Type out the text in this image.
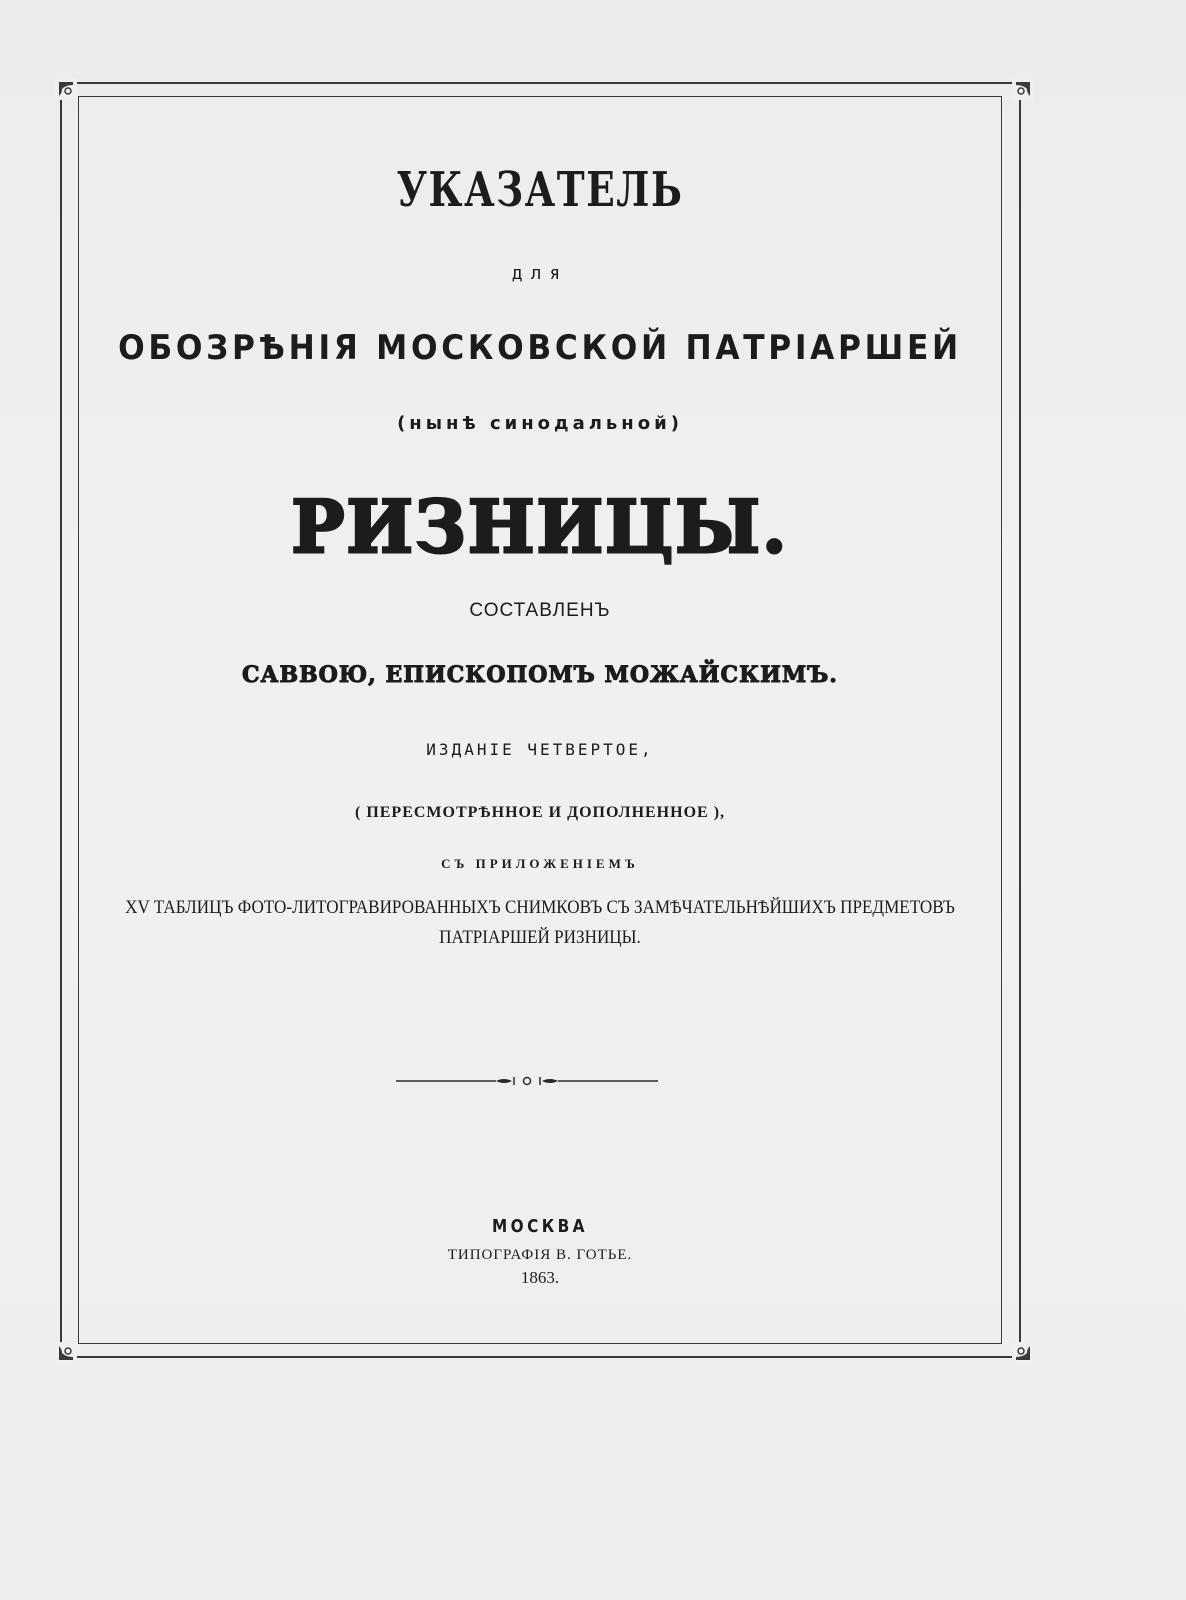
УКАЗАТЕЛЬ
для
ОБОЗРѢНІЯ МОСКОВСКОЙ ПАТРІАРШЕЙ
(нынѣ синодальной)
РИЗНИЦЫ.
СОСТАВЛЕНЪ
САВВОЮ, ЕПИСКОПОМЪ МОЖАЙСКИМЪ.
ИЗДАНІЕ ЧЕТВЕРТОЕ,
( ПЕРЕСМОТРѢННОЕ И ДОПОЛНЕННОЕ ),
СЪ ПРИЛОЖЕНІЕМЪ
XV ТАБЛИЦЪ ФОТО-ЛИТОГРАВИРОВАННЫХЪ СНИМКОВЪ СЪ ЗАМѢЧАТЕЛЬНѢЙШИХЪ ПРЕДМЕТОВЪ
ПАТРІАРШЕЙ РИЗНИЦЫ.
МОСКВА
ТИПОГРАФІЯ В. ГОТЬЕ.
1863.
